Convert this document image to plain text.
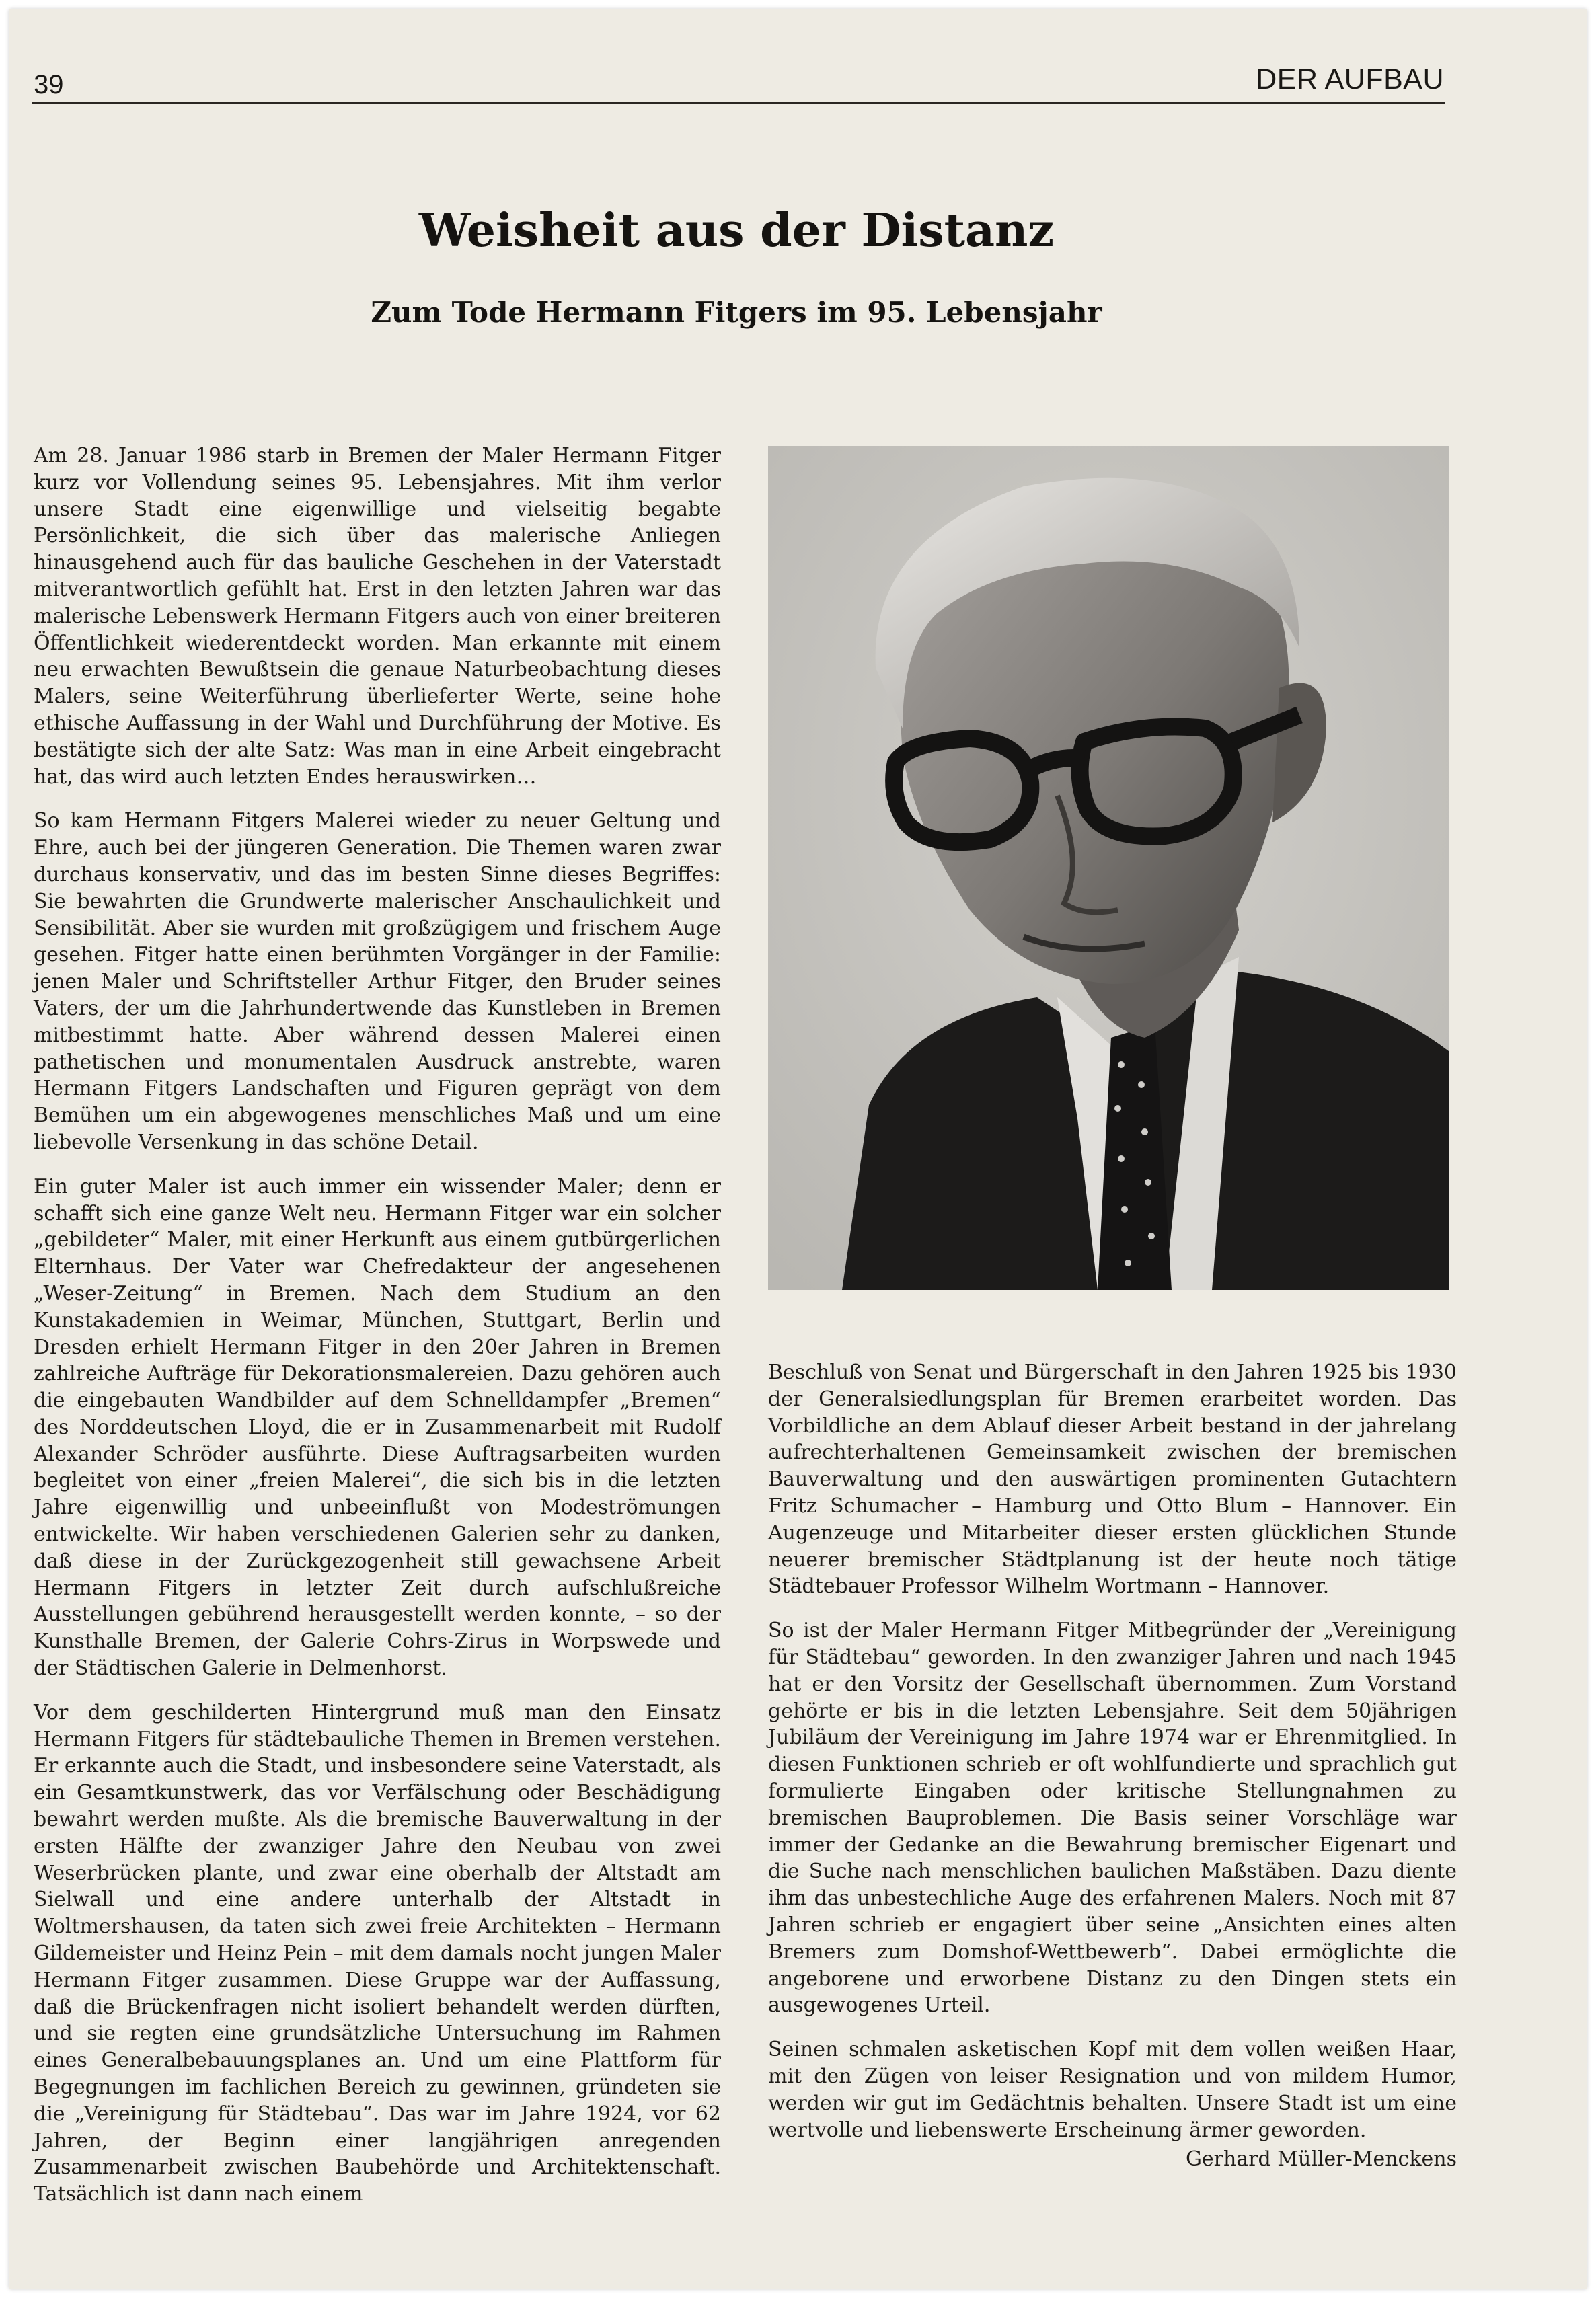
39	DER AUFBAU
Weisheit aus der Distanz
Zum Tode Hermann Fitgers im 95. Lebensjahr

Am 28. Januar 1986 starb in Bremen der Maler Hermann Fitger kurz vor Vollendung seines 95. Lebensjahres. Mit ihm verlor unsere Stadt eine eigenwillige und vielseitig begabte Persönlichkeit, die sich über das malerische Anliegen hinausgehend auch für das bauliche Geschehen in der Vaterstadt mitverantwortlich gefühlt hat. Erst in den letzten Jahren war das malerische Lebenswerk Hermann Fitgers auch von einer breiteren Öffentlichkeit wiederentdeckt worden. Man erkannte mit einem neu erwachten Bewußtsein die genaue Naturbeobachtung dieses Malers, seine Weiterführung überlieferter Werte, seine hohe ethische Auffassung in der Wahl und Durchführung der Motive. Es bestätigte sich der alte Satz: Was man in eine Arbeit eingebracht hat, das wird auch letzten Endes herauswirken…

So kam Hermann Fitgers Malerei wieder zu neuer Geltung und Ehre, auch bei der jüngeren Generation. Die Themen waren zwar durchaus konservativ, und das im besten Sinne dieses Begriffes: Sie bewahrten die Grundwerte malerischer Anschaulichkeit und Sensibilität. Aber sie wurden mit großzügigem und frischem Auge gesehen. Fitger hatte einen berühmten Vorgänger in der Familie: jenen Maler und Schriftsteller Arthur Fitger, den Bruder seines Vaters, der um die Jahrhundertwende das Kunstleben in Bremen mitbestimmt hatte. Aber während dessen Malerei einen pathetischen und monumentalen Ausdruck anstrebte, waren Hermann Fitgers Landschaften und Figuren geprägt von dem Bemühen um ein abgewogenes menschliches Maß und um eine liebevolle Versenkung in das schöne Detail.

Ein guter Maler ist auch immer ein wissender Maler; denn er schafft sich eine ganze Welt neu. Hermann Fitger war ein solcher „gebildeter“ Maler, mit einer Herkunft aus einem gutbürgerlichen Elternhaus. Der Vater war Chefredakteur der angesehenen „Weser-Zeitung“ in Bremen. Nach dem Studium an den Kunstakademien in Weimar, München, Stuttgart, Berlin und Dresden erhielt Hermann Fitger in den 20er Jahren in Bremen zahlreiche Aufträge für Dekorationsmalereien. Dazu gehören auch die eingebauten Wandbilder auf dem Schnelldampfer „Bremen“ des Norddeutschen Lloyd, die er in Zusammenarbeit mit Rudolf Alexander Schröder ausführte. Diese Auftragsarbeiten wurden begleitet von einer „freien Malerei“, die sich bis in die letzten Jahre eigenwillig und unbeeinflußt von Modeströmungen entwickelte. Wir haben verschiedenen Galerien sehr zu danken, daß diese in der Zurückgezogenheit still gewachsene Arbeit Hermann Fitgers in letzter Zeit durch aufschlußreiche Ausstellungen gebührend herausgestellt werden konnte, – so der Kunsthalle Bremen, der Galerie Cohrs-Zirus in Worpswede und der Städtischen Galerie in Delmenhorst.

Vor dem geschilderten Hintergrund muß man den Einsatz Hermann Fitgers für städtebauliche Themen in Bremen verstehen. Er erkannte auch die Stadt, und insbesondere seine Vaterstadt, als ein Gesamtkunstwerk, das vor Verfälschung oder Beschädigung bewahrt werden mußte. Als die bremische Bauverwaltung in der ersten Hälfte der zwanziger Jahre den Neubau von zwei Weserbrücken plante, und zwar eine oberhalb der Altstadt am Sielwall und eine andere unterhalb der Altstadt in Woltmershausen, da taten sich zwei freie Architekten – Hermann Gildemeister und Heinz Pein – mit dem damals nocht jungen Maler Hermann Fitger zusammen. Diese Gruppe war der Auffassung, daß die Brückenfragen nicht isoliert behandelt werden dürften, und sie regten eine grundsätzliche Untersuchung im Rahmen eines Generalbebauungsplanes an. Und um eine Plattform für Begegnungen im fachlichen Bereich zu gewinnen, gründeten sie die „Vereinigung für Städtebau“. Das war im Jahre 1924, vor 62 Jahren, der Beginn einer langjährigen anregenden Zusammenarbeit zwischen Baubehörde und Architektenschaft. Tatsächlich ist dann nach einem

Beschluß von Senat und Bürgerschaft in den Jahren 1925 bis 1930 der Generalsiedlungsplan für Bremen erarbeitet worden. Das Vorbildliche an dem Ablauf dieser Arbeit bestand in der jahrelang aufrechterhaltenen Gemeinsamkeit zwischen der bremischen Bauverwaltung und den auswärtigen prominenten Gutachtern Fritz Schumacher – Hamburg und Otto Blum – Hannover. Ein Augenzeuge und Mitarbeiter dieser ersten glücklichen Stunde neuerer bremischer Städtplanung ist der heute noch tätige Städtebauer Professor Wilhelm Wortmann – Hannover.

So ist der Maler Hermann Fitger Mitbegründer der „Vereinigung für Städtebau“ geworden. In den zwanziger Jahren und nach 1945 hat er den Vorsitz der Gesellschaft übernommen. Zum Vorstand gehörte er bis in die letzten Lebensjahre. Seit dem 50jährigen Jubiläum der Vereinigung im Jahre 1974 war er Ehrenmitglied. In diesen Funktionen schrieb er oft wohlfundierte und sprachlich gut formulierte Eingaben oder kritische Stellungnahmen zu bremischen Bauproblemen. Die Basis seiner Vorschläge war immer der Gedanke an die Bewahrung bremischer Eigenart und die Suche nach menschlichen baulichen Maßstäben. Dazu diente ihm das unbestechliche Auge des erfahrenen Malers. Noch mit 87 Jahren schrieb er engagiert über seine „Ansichten eines alten Bremers zum Domshof-Wettbewerb“. Dabei ermöglichte die angeborene und erworbene Distanz zu den Dingen stets ein ausgewogenes Urteil.

Seinen schmalen asketischen Kopf mit dem vollen weißen Haar, mit den Zügen von leiser Resignation und von mildem Humor, werden wir gut im Gedächtnis behalten. Unsere Stadt ist um eine wertvolle und liebenswerte Erscheinung ärmer geworden.

Gerhard Müller-Menckens
